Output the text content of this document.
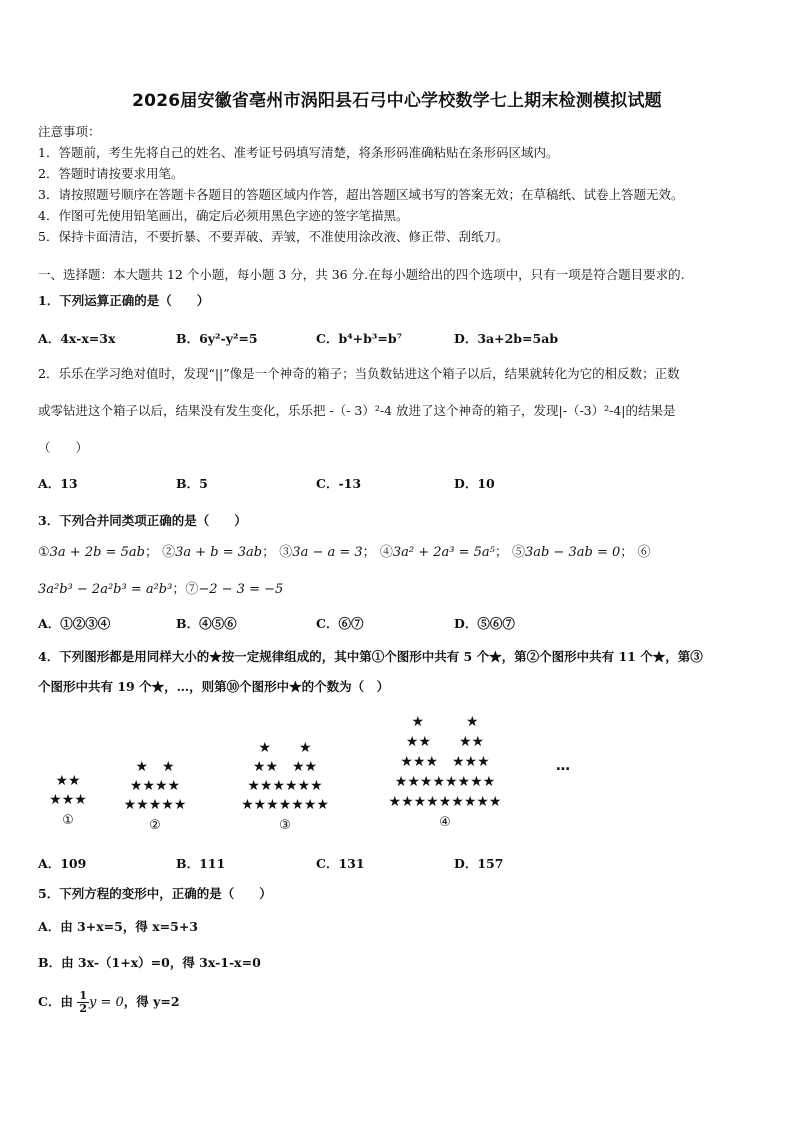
2026届安徽省亳州市涡阳县石弓中心学校数学七上期末检测模拟试题
注意事项：
1．答题前，考生先将自己的姓名、准考证号码填写清楚，将条形码准确粘贴在条形码区域内。
2．答题时请按要求用笔。
3．请按照题号顺序在答题卡各题目的答题区域内作答，超出答题区域书写的答案无效；在草稿纸、试卷上答题无效。
4．作图可先使用铅笔画出，确定后必须用黑色字迹的签字笔描黑。
5．保持卡面清洁，不要折暴、不要弄破、弄皱，不准使用涂改液、修正带、刮纸刀。
一、选择题：本大题共 12 个小题，每小题 3 分，共 36 分.在每小题给出的四个选项中，只有一项是符合题目要求的.
1．下列运算正确的是（　　）
A．4x-x=3x	B．6y²-y²=5	C．b⁴+b³=b⁷	D．3a+2b=5ab
2．乐乐在学习绝对值时，发现“||”像是一个神奇的箱子；当负数钻进这个箱子以后，结果就转化为它的相反数；正数
或零钻进这个箱子以后，结果没有发生变化，乐乐把 -（- 3）²-4 放进了这个神奇的箱子，发现|-（-3）²-4|的结果是
（　　）
A．13	B．5	C．-13	D．10
3．下列合并同类项正确的是（　　）
①3a + 2b = 5ab； ②3a + b = 3ab； ③3a − a = 3； ④3a² + 2a³ = 5a⁵； ⑤3ab − 3ab = 0； ⑥
3a²b³ − 2a²b³ = a²b³；⑦−2 − 3 = −5
A．①②③④	B．④⑤⑥	C．⑥⑦	D．⑤⑥⑦
4．下列图形都是用同样大小的★按一定规律组成的，其中第①个图形中共有 5 个★，第②个图形中共有 11 个★，第③
个图形中共有 19 个★，…，则第⑩个图形中★的个数为（　）
★★
★★★
①
★　★
★★★★
★★★★★
②
★　　★
★★　★★
★★★★★★
★★★★★★★
③
★　　　★
★★　　★★
★★★　★★★
★★★★★★★★
★★★★★★★★★
④
…
A．109	B．111	C．131	D．157
5．下列方程的变形中，正确的是（　　）
A．由 3+x=5，得 x=5+3
B．由 3x-（1+x）=0，得 3x-1-x=0
C．由 $\frac{1}{2}$ y = 0，得 y=2
